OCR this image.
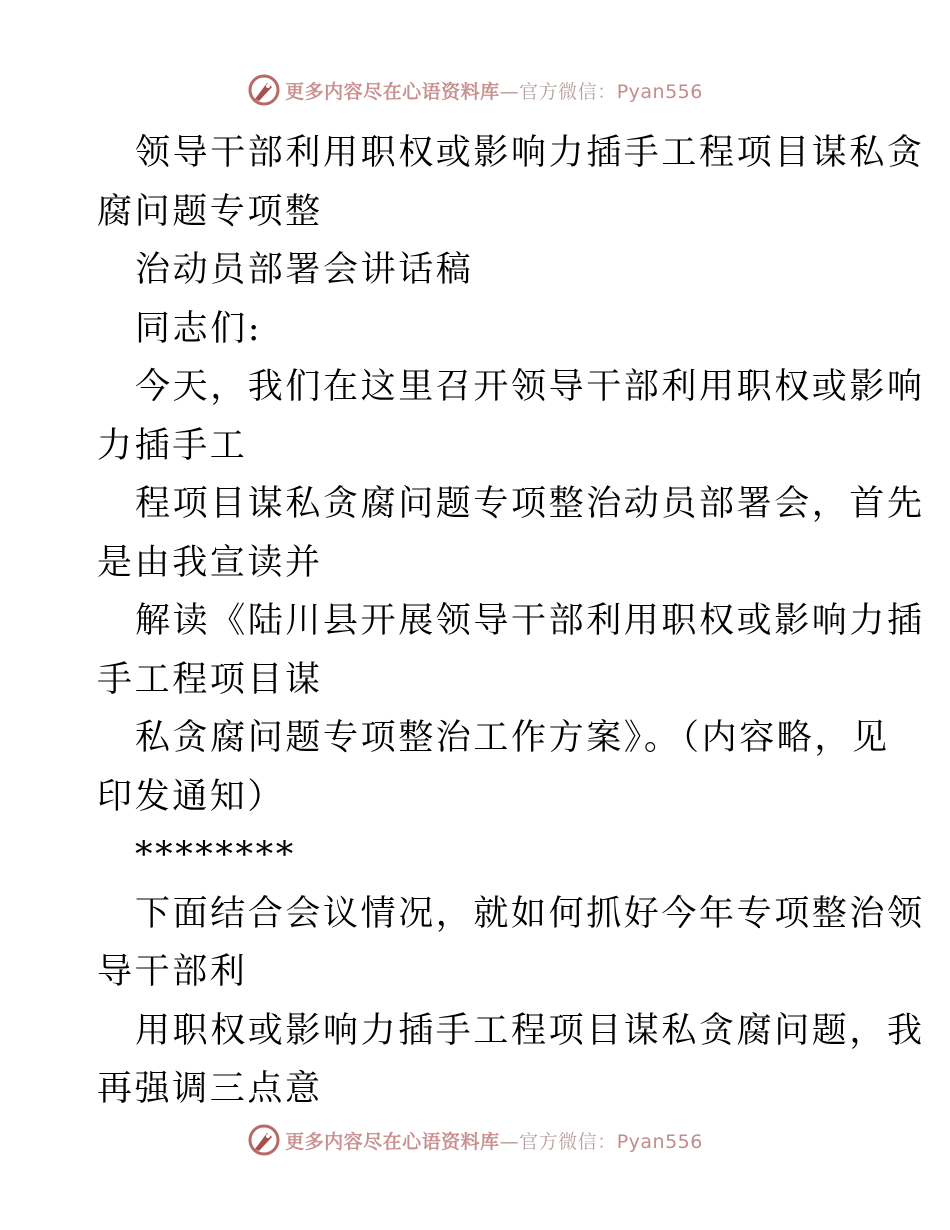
更多内容尽在心语资料库—官方微信：Pyan556
领导干部利用职权或影响力插手工程项目谋私贪
腐问题专项整
治动员部署会讲话稿
同志们:
今天，我们在这里召开领导干部利用职权或影响
力插手工
程项目谋私贪腐问题专项整治动员部署会，首先
是由我宣读并
解读《陆川县开展领导干部利用职权或影响力插
手工程项目谋
私贪腐问题专项整治工作方案》。（内容略，见
印发通知）
********
下面结合会议情况，就如何抓好今年专项整治领
导干部利
用职权或影响力插手工程项目谋私贪腐问题，我
再强调三点意
更多内容尽在心语资料库—官方微信：Pyan556
